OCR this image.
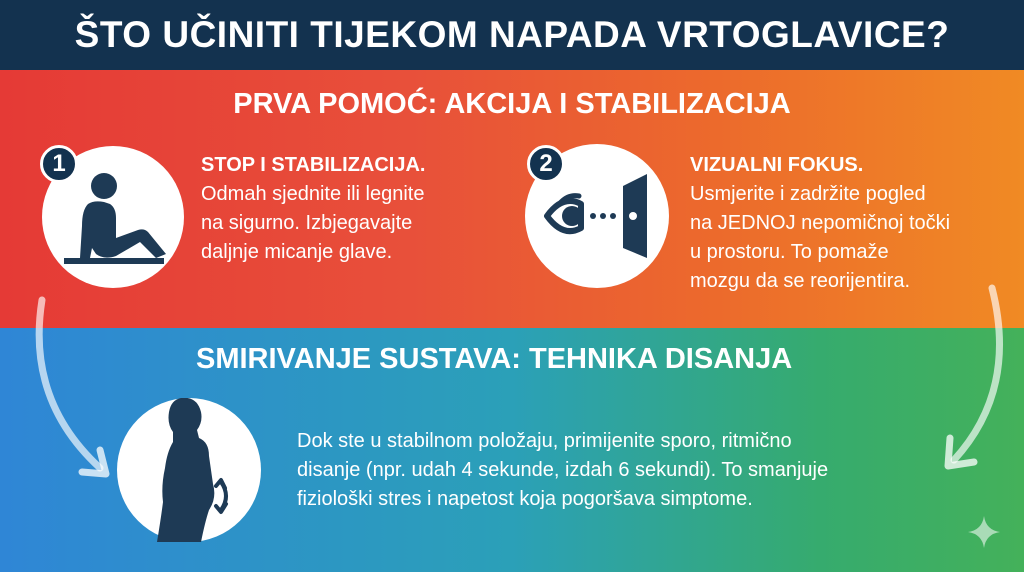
ŠTO UČINITI TIJEKOM NAPADA VRTOGLAVICE?
PRVA POMOĆ: AKCIJA I STABILIZACIJA
1	STOP I STABILIZACIJA.
Odmah sjednite ili legnite
na sigurno. Izbjegavajte
daljnje micanje glave.
2	VIZUALNI FOKUS.
Usmjerite i zadržite pogled
na JEDNOJ nepomičnoj točki
u prostoru. To pomaže
mozgu da se reorijentira.
SMIRIVANJE SUSTAVA: TEHNIKA DISANJA
Dok ste u stabilnom položaju, primijenite sporo, ritmično
disanje (npr. udah 4 sekunde, izdah 6 sekundi). To smanjuje
fiziološki stres i napetost koja pogoršava simptome.
